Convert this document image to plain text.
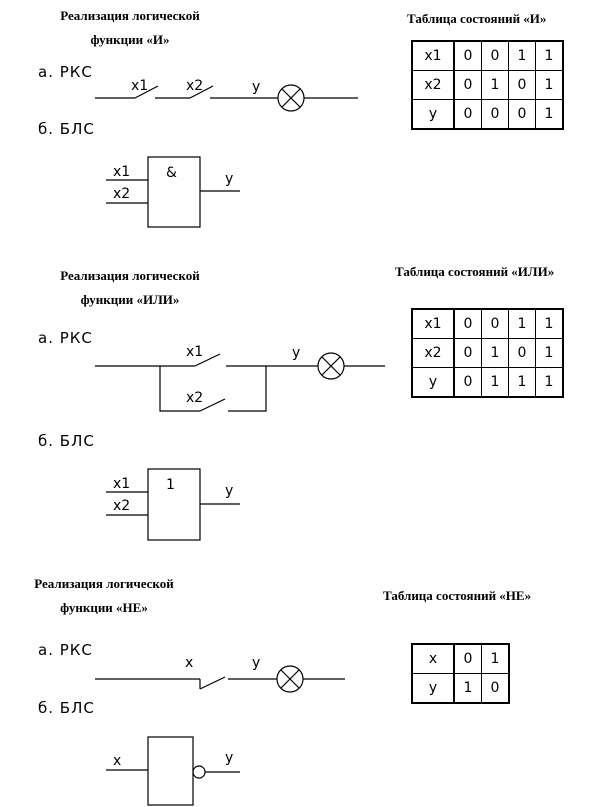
Реализация логической
функции «И»
Таблица состояний «И»
а. РКС
б. БЛС
x1	0	0	1	1
x2	0	1	0	1
y	0	0	0	1
Реализация логической
функции «ИЛИ»
Таблица состояний «ИЛИ»
а. РКС
б. БЛС
x1	0	0	1	1
x2	0	1	0	1
y	0	1	1	1
Реализация логической
функции «НЕ»
Таблица состояний «НЕ»
а. РКС
б. БЛС
x	0	1
y	1	0
x1	x2	y
x1
x2
&	y
x1
x2
y
x1
x2
1	y
x	y
x	y
